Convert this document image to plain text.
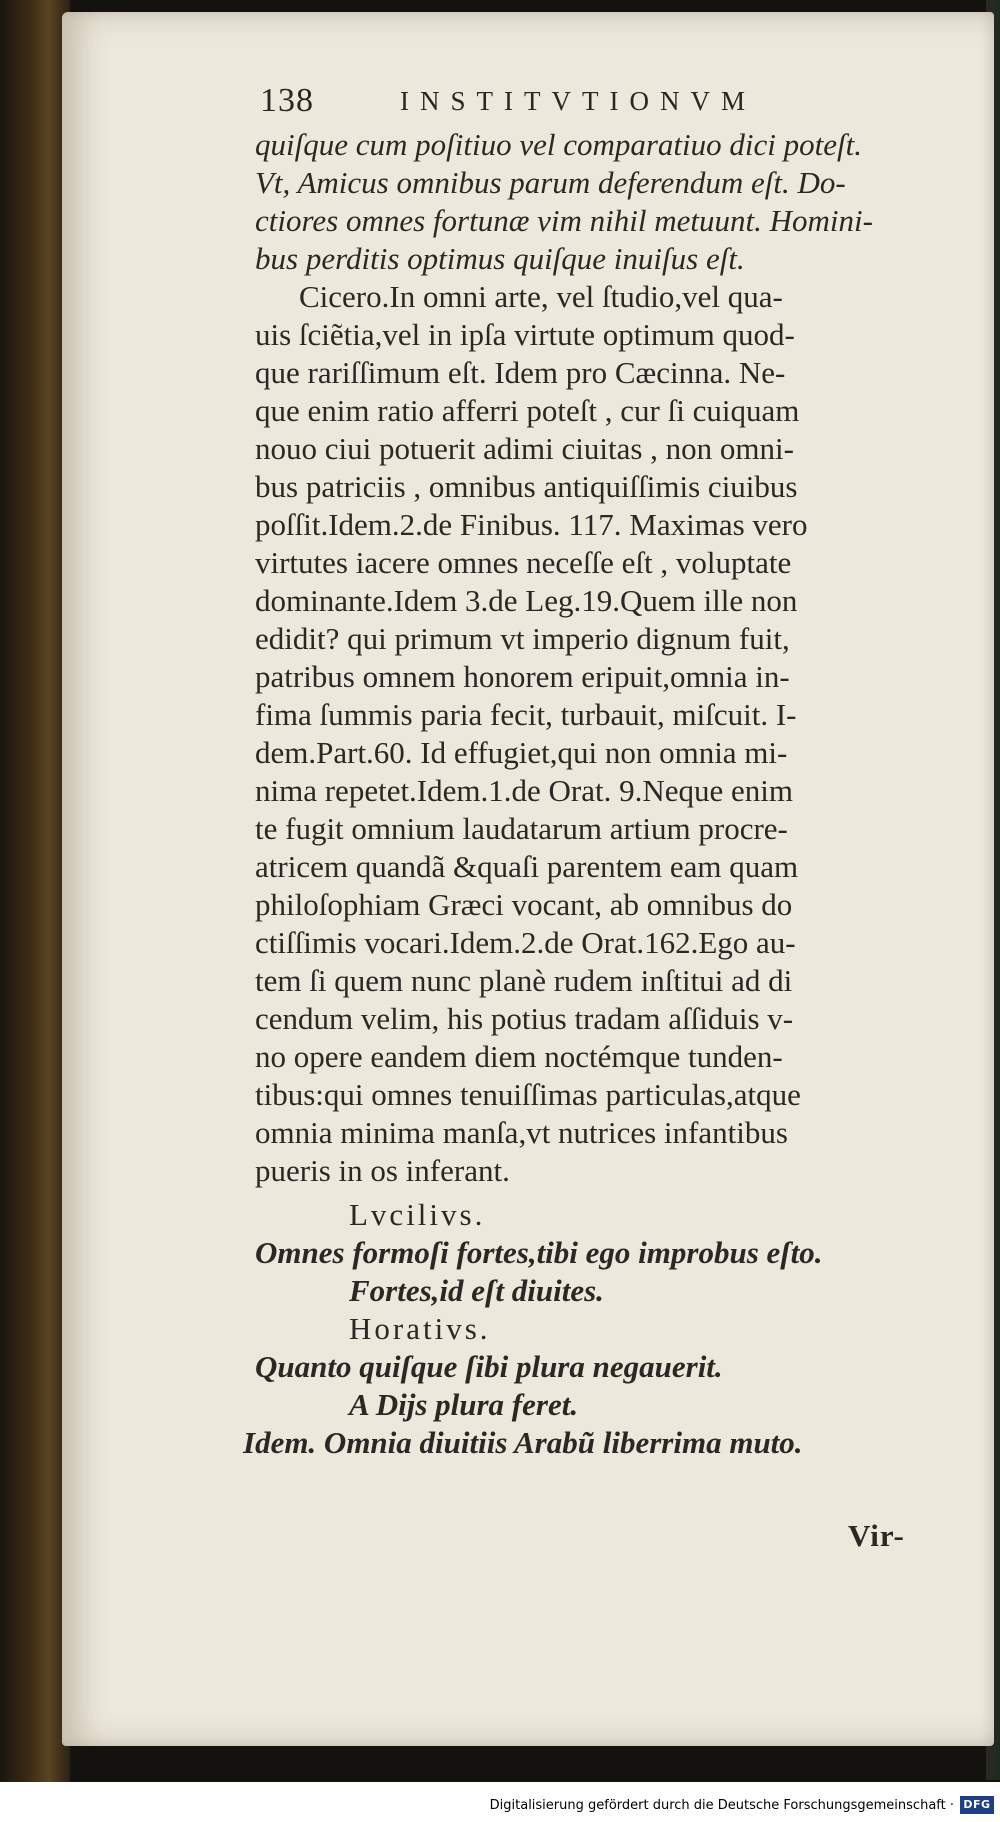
138	INSTITVTIONVM
quiſque cum poſitiuo vel comparatiuo dici poteſt.
Vt, Amicus omnibus parum deferendum eſt. Do-
ctiores omnes fortunæ vim nihil metuunt. Homini-
bus perditis optimus quiſque inuiſus eſt.
Cicero.In omni arte, vel ſtudio,vel qua-
uis ſciẽtia,vel in ipſa virtute optimum quod-
que rariſſimum eſt. Idem pro Cæcinna. Ne-
que enim ratio afferri poteſt , cur ſi cuiquam
nouo ciui potuerit adimi ciuitas , non omni-
bus patriciis , omnibus antiquiſſimis ciuibus
poſſit.Idem.2.de Finibus. 117. Maximas vero
virtutes iacere omnes neceſſe eſt , voluptate
dominante.Idem 3.de Leg.19.Quem ille non
edidit? qui primum vt imperio dignum fuit,
patribus omnem honorem eripuit,omnia in-
fima ſummis paria fecit, turbauit, miſcuit. I-
dem.Part.60. Id effugiet,qui non omnia mi-
nima repetet.Idem.1.de Orat. 9.Neque enim
te fugit omnium laudatarum artium procre-
atricem quandã &quaſi parentem eam quam
philoſophiam Græci vocant, ab omnibus do
ctiſſimis vocari.Idem.2.de Orat.162.Ego au-
tem ſi quem nunc planè rudem inſtitui ad di
cendum velim, his potius tradam aſſiduis v-
no opere eandem diem noctémque tunden-
tibus:qui omnes tenuiſſimas particulas,atque
omnia minima manſa,vt nutrices infantibus
pueris in os inferant.
Lvcilivs.
Omnes formoſi fortes,tibi ego improbus eſto.
Fortes,id eſt diuites.
Horativs.
Quanto quiſque ſibi plura negauerit.
A Dijs plura feret.
Idem. Omnia diuitiis Arabũ liberrima muto.
Vir-
Digitalisierung gefördert durch die Deutsche Forschungsgemeinschaft · DFG
